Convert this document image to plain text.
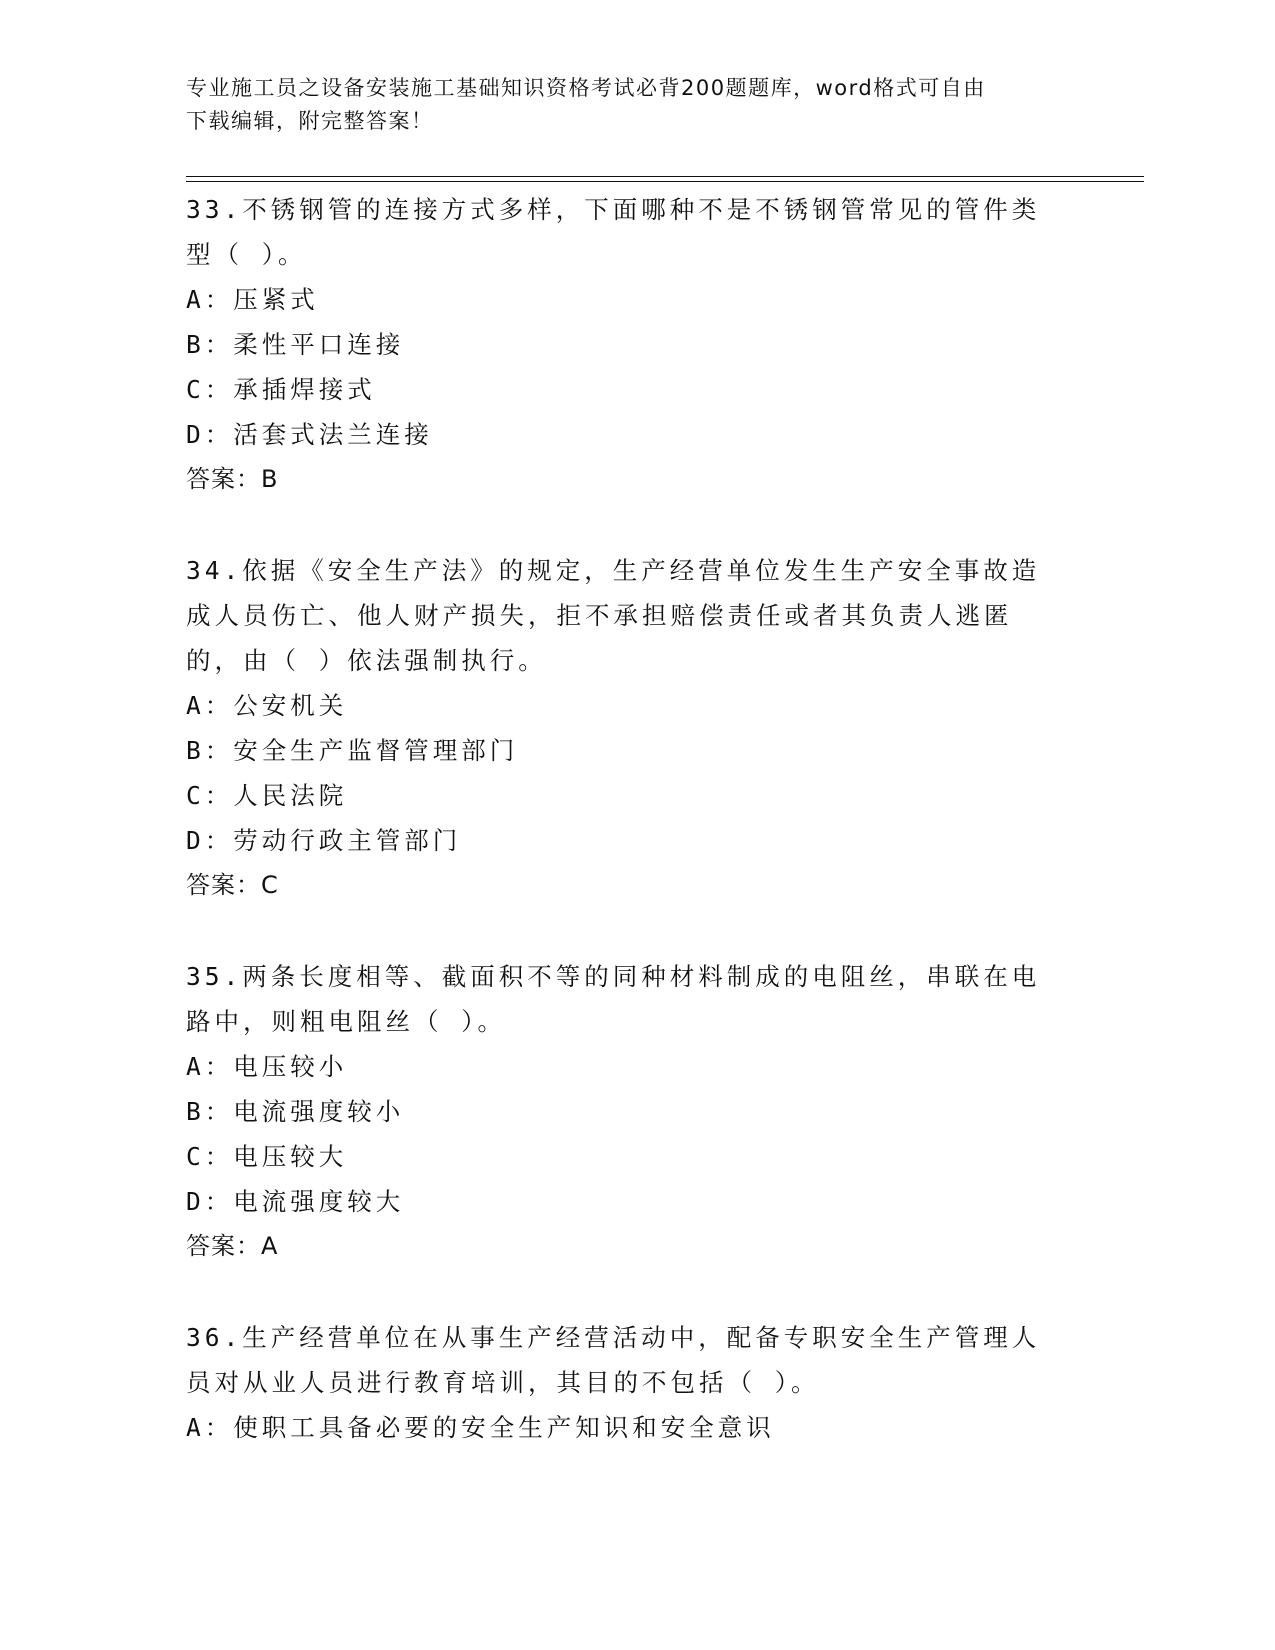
专业施工员之设备安装施工基础知识资格考试必背200题题库，word格式可自由
下载编辑，附完整答案！
33.不锈钢管的连接方式多样，下面哪种不是不锈钢管常见的管件类型（ ）。
A：压紧式
B：柔性平口连接
C：承插焊接式
D：活套式法兰连接
答案：B
34.依据《安全生产法》的规定，生产经营单位发生生产安全事故造成人员伤亡、他人财产损失，拒不承担赔偿责任或者其负责人逃匿的，由（ ）依法强制执行。
A：公安机关
B：安全生产监督管理部门
C：人民法院
D：劳动行政主管部门
答案：C
35.两条长度相等、截面积不等的同种材料制成的电阻丝，串联在电路中，则粗电阻丝（ ）。
A：电压较小
B：电流强度较小
C：电压较大
D：电流强度较大
答案：A
36.生产经营单位在从事生产经营活动中，配备专职安全生产管理人员对从业人员进行教育培训，其目的不包括（ ）。
A：使职工具备必要的安全生产知识和安全意识
